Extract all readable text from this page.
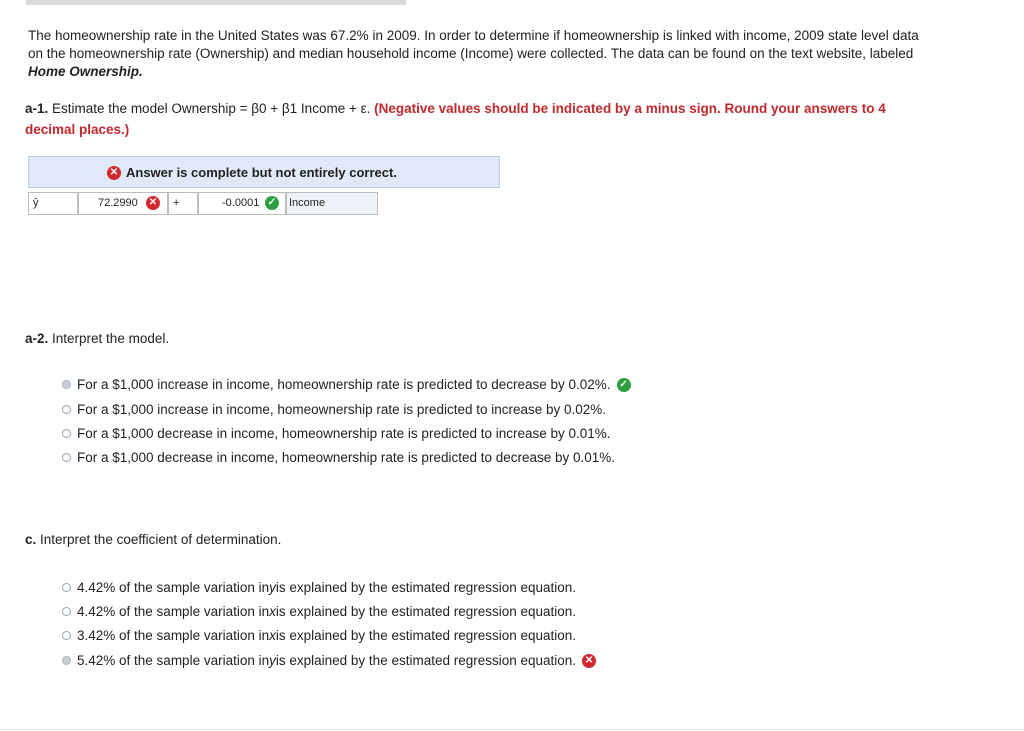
The homeownership rate in the United States was 67.2% in 2009. In order to determine if homeownership is linked with income, 2009 state level data on the homeownership rate (Ownership) and median household income (Income) were collected. The data can be found on the text website, labeled Home Ownership.
a-1. Estimate the model Ownership = β0 + β1 Income + ε. (Negative values should be indicated by a minus sign. Round your answers to 4 decimal places.)
✕ Answer is complete but not entirely correct.
ŷ	72.2990 ✕	+	-0.0001 ✓ Income
a-2. Interpret the model.
For a $1,000 increase in income, homeownership rate is predicted to decrease by 0.02%. ✓
For a $1,000 increase in income, homeownership rate is predicted to increase by 0.02%.
For a $1,000 decrease in income, homeownership rate is predicted to increase by 0.01%.
For a $1,000 decrease in income, homeownership rate is predicted to decrease by 0.01%.
c. Interpret the coefficient of determination.
4.42% of the sample variation in y is explained by the estimated regression equation.
4.42% of the sample variation in x is explained by the estimated regression equation.
3.42% of the sample variation in x is explained by the estimated regression equation.
5.42% of the sample variation in y is explained by the estimated regression equation. ✕
